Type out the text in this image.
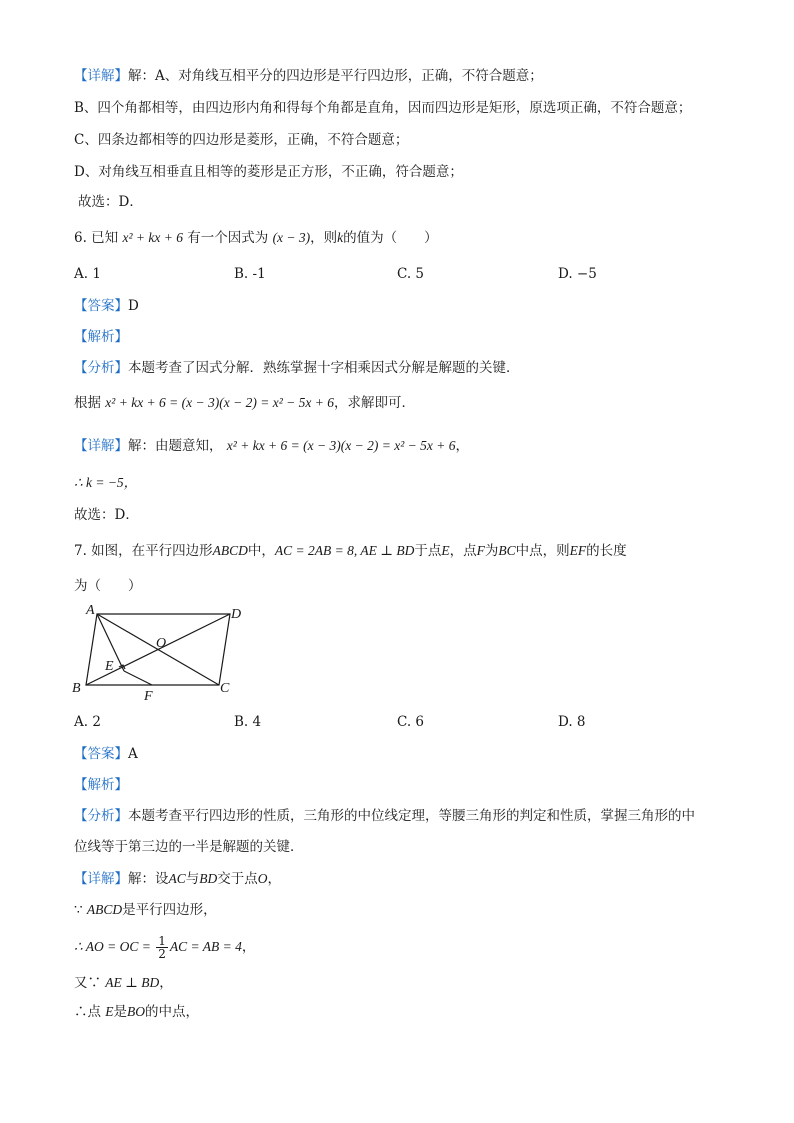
【详解】解：A、对角线互相平分的四边形是平行四边形，正确，不符合题意；
B、四个角都相等，由四边形内角和得每个角都是直角，因而四边形是矩形，原选项正确，不符合题意；
C、四条边都相等的四边形是菱形，正确，不符合题意；
D、对角线互相垂直且相等的菱形是正方形，不正确，符合题意；
故选：D．
6. 已知 x² + kx + 6 有一个因式为 (x − 3)，则k的值为（　　）
A. 1	B. -1	C. 5	D. −5
【答案】D
【解析】
【分析】本题考查了因式分解．熟练掌握十字相乘因式分解是解题的关键．
根据 x² + kx + 6 = (x − 3)(x − 2) = x² − 5x + 6，求解即可．
【详解】解：由题意知， x² + kx + 6 = (x − 3)(x − 2) = x² − 5x + 6，
∴ k = −5，
故选：D．
7. 如图，在平行四边形ABCD中，AC = 2AB = 8, AE ⊥ BD于点E，点F为BC中点，则EF的长度
为（　　）
A	D
B	C
O
E
F
A. 2	B. 4	C. 6	D. 8
【答案】A
【解析】
【分析】本题考查平行四边形的性质，三角形的中位线定理，等腰三角形的判定和性质，掌握三角形的中
位线等于第三边的一半是解题的关键．
【详解】解：设AC与BD交于点O，
∵ ABCD是平行四边形，
∴ AO = OC = $\frac{1}{2}$ AC = AB = 4，
又∵ AE ⊥ BD，
∴点 E是BO的中点，
